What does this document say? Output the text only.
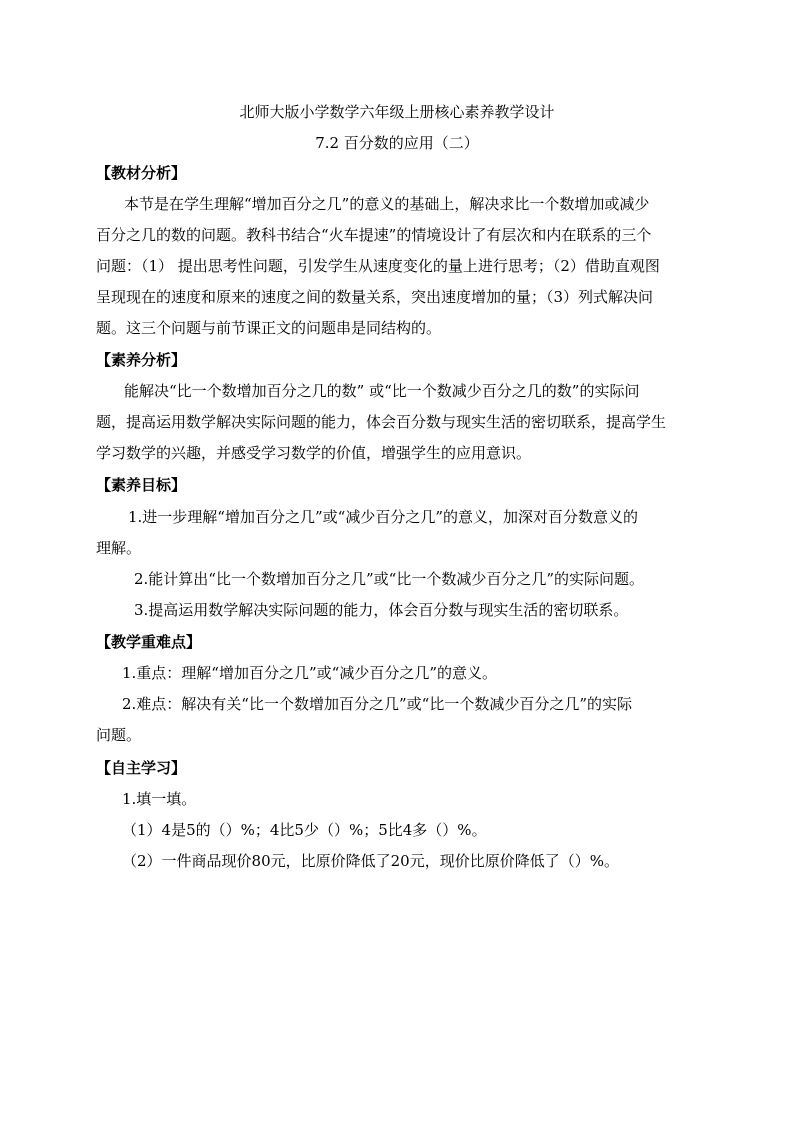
北师大版小学数学六年级上册核心素养教学设计
7.2 百分数的应用（二）
【教材分析】
本节是在学生理解“增加百分之几”的意义的基础上，解决求比一个数增加或减少
百分之几的数的问题。教科书结合“火车提速”的情境设计了有层次和内在联系的三个
问题：（1） 提出思考性问题，引发学生从速度变化的量上进行思考；（2）借助直观图
呈现现在的速度和原来的速度之间的数量关系，突出速度增加的量；（3）列式解决问
题。这三个问题与前节课正文的问题串是同结构的。
【素养分析】
能解决“比一个数增加百分之几的数” 或“比一个数减少百分之几的数”的实际问
题，提高运用数学解决实际问题的能力，体会百分数与现实生活的密切联系，提高学生
学习数学的兴趣，并感受学习数学的价值，增强学生的应用意识。
【素养目标】
1.进一步理解“增加百分之几”或“减少百分之几”的意义，加深对百分数意义的
理解。
2.能计算出“比一个数增加百分之几”或“比一个数减少百分之几”的实际问题。
3.提高运用数学解决实际问题的能力，体会百分数与现实生活的密切联系。
【教学重难点】
1.重点：理解“增加百分之几”或“减少百分之几”的意义。
2.难点：解决有关“比一个数增加百分之几”或“比一个数减少百分之几”的实际
问题。
【自主学习】
1.填一填。
（1）4是5的（）%；4比5少（）%；5比4多（）%。
（2）一件商品现价80元，比原价降低了20元，现价比原价降低了（）%。
